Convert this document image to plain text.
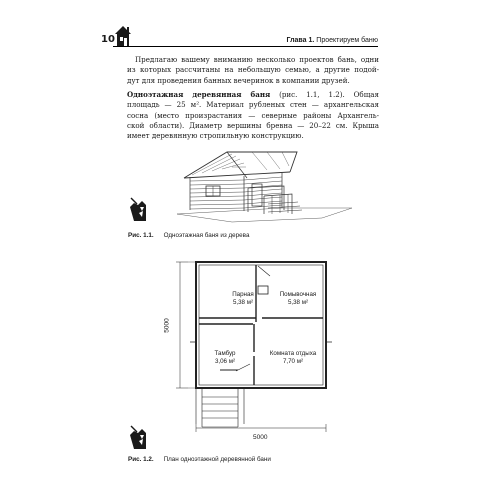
10	Глава 1. Проектируем баню

Предлагаю вашему вниманию несколько проектов бань, одни
из которых рассчитаны на небольшую семью, а другие подой-
дут для проведения банных вечеринок в компании друзей.

Одноэтажная деревянная баня (рис. 1.1, 1.2). Общая
площадь — 25 м². Материал рубленых стен — архангельская
сосна (место произрастания — северные районы Архангель-
ской области). Диаметр вершины бревна — 20–22 см. Крыша
имеет деревянную стропильную конструкцию.

Рис. 1.1. Одноэтажная баня из дерева
Парная
5,38 м²
Помывочная
5,38 м²
Тамбур
3,06 м²
Комната отдыха
7,70 м²
5000
5000
Рис. 1.2. План одноэтажной деревянной бани
